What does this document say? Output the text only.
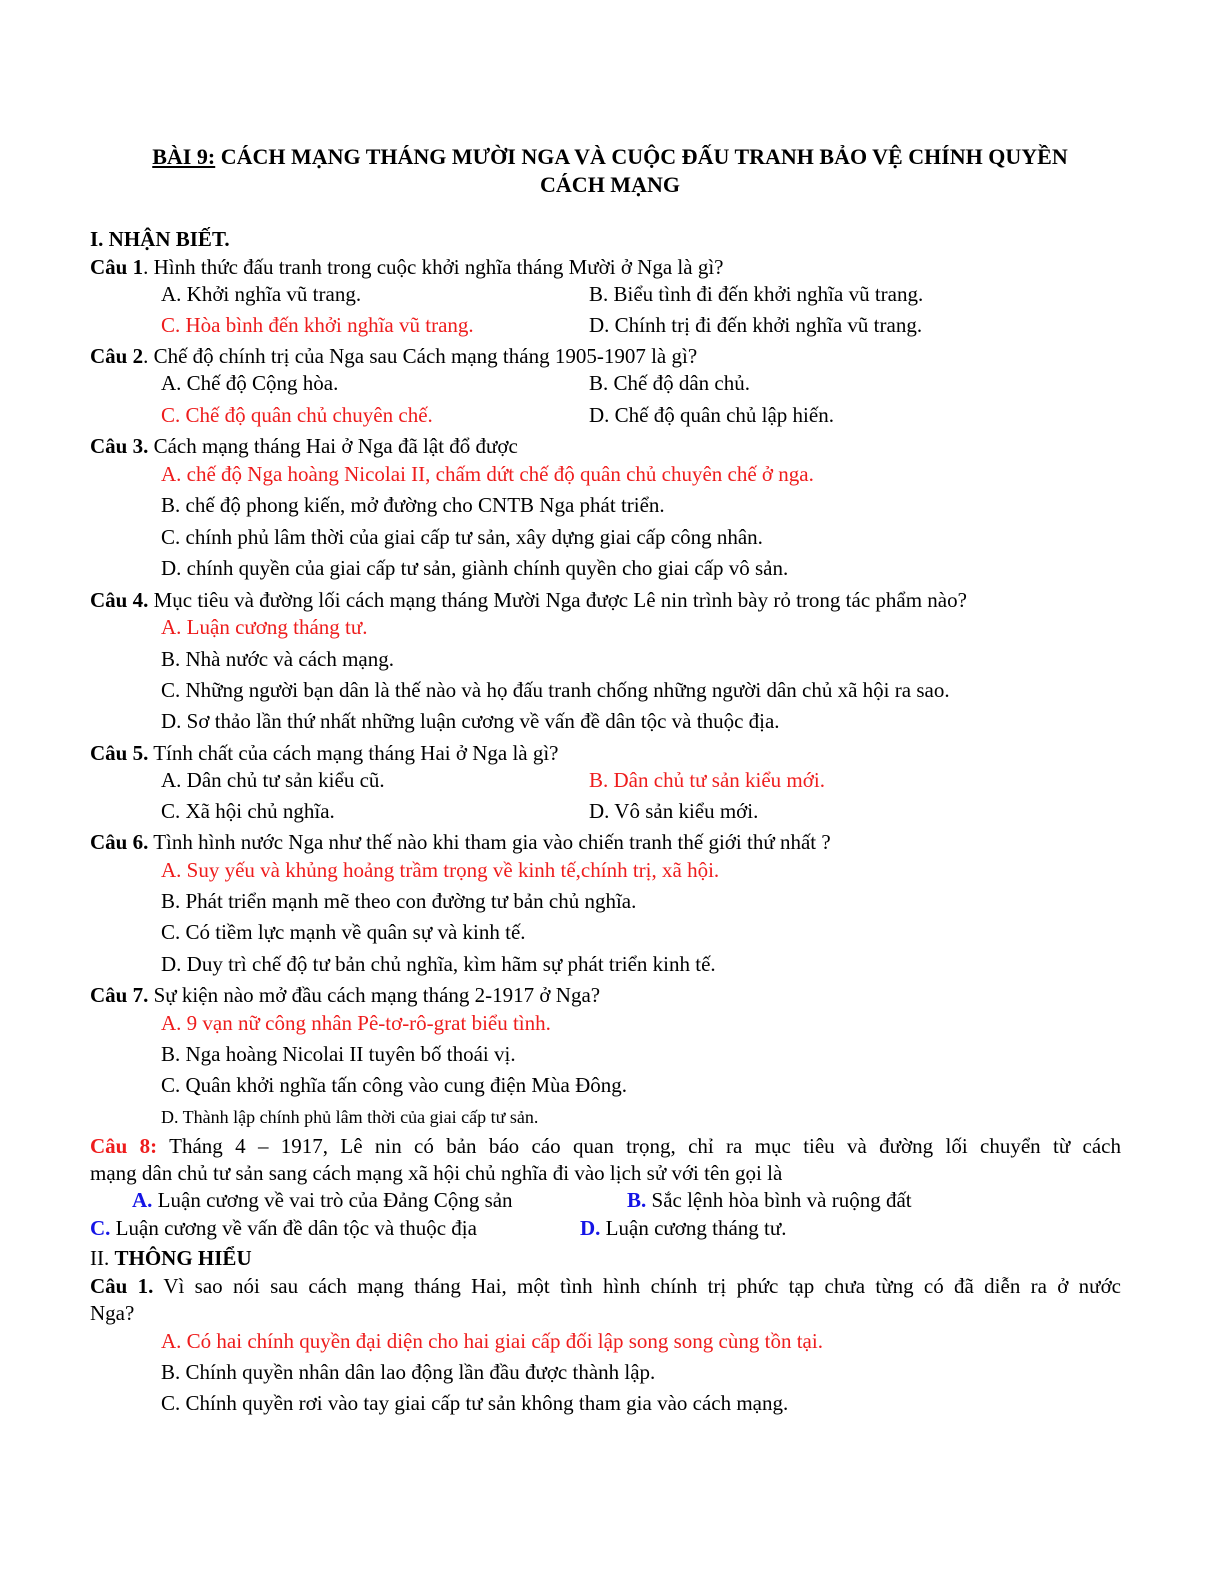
BÀI 9: CÁCH MẠNG THÁNG MƯỜI NGA VÀ CUỘC ĐẤU TRANH BẢO VỆ CHÍNH QUYỀN
CÁCH MẠNG
I. NHẬN BIẾT.
Câu 1. Hình thức đấu tranh trong cuộc khởi nghĩa tháng Mười ở Nga là gì?
A. Khởi nghĩa vũ trang.	B. Biểu tình đi đến khởi nghĩa vũ trang.
C. Hòa bình đến khởi nghĩa vũ trang.	D. Chính trị đi đến khởi nghĩa vũ trang.
Câu 2. Chế độ chính trị của Nga sau Cách mạng tháng 1905-1907 là gì?
A. Chế độ Cộng hòa.	B. Chế độ dân chủ.
C. Chế độ quân chủ chuyên chế.	D. Chế độ quân chủ lập hiến.
Câu 3. Cách mạng tháng Hai ở Nga đã lật đổ được
A. chế độ Nga hoàng Nicolai II, chấm dứt chế độ quân chủ chuyên chế ở nga.
B. chế độ phong kiến, mở đường cho CNTB Nga phát triển.
C. chính phủ lâm thời của giai cấp tư sản, xây dựng giai cấp công nhân.
D. chính quyền của giai cấp tư sản, giành chính quyền cho giai cấp vô sản.
Câu 4. Mục tiêu và đường lối cách mạng tháng Mười Nga được Lê nin trình bày rỏ trong tác phẩm nào?
A. Luận cương tháng tư.
B. Nhà nước và cách mạng.
C. Những người bạn dân là thế nào và họ đấu tranh chống những người dân chủ xã hội ra sao.
D. Sơ thảo lần thứ nhất những luận cương về vấn đề dân tộc và thuộc địa.
Câu 5. Tính chất của cách mạng tháng Hai ở Nga là gì?
A. Dân chủ tư sản kiểu cũ.	B. Dân chủ tư sản kiểu mới.
C. Xã hội chủ nghĩa.	D. Vô sản kiểu mới.
Câu 6. Tình hình nước Nga như thế nào khi tham gia vào chiến tranh thế giới thứ nhất ?
A. Suy yếu và khủng hoảng trầm trọng về kinh tế,chính trị, xã hội.
B. Phát triển mạnh mẽ theo con đường tư bản chủ nghĩa.
C. Có tiềm lực mạnh về quân sự và kinh tế.
D. Duy trì chế độ tư bản chủ nghĩa, kìm hãm sự phát triển kinh tế.
Câu 7. Sự kiện nào mở đầu cách mạng tháng 2-1917 ở Nga?
A. 9 vạn nữ công nhân Pê-tơ-rô-grat biểu tình.
B. Nga hoàng Nicolai II tuyên bố thoái vị.
C. Quân khởi nghĩa tấn công vào cung điện Mùa Đông.
D. Thành lập chính phủ lâm thời của giai cấp tư sản.
Câu 8: Tháng 4 – 1917, Lê nin có bản báo cáo quan trọng, chỉ ra mục tiêu và đường lối chuyển từ cách
mạng dân chủ tư sản sang cách mạng xã hội chủ nghĩa đi vào lịch sử với tên gọi là
A. Luận cương về vai trò của Đảng Cộng sản	B. Sắc lệnh hòa bình và ruộng đất
C. Luận cương về vấn đề dân tộc và thuộc địa	D. Luận cương tháng tư.
II. THÔNG HIỂU
Câu 1. Vì sao nói sau cách mạng tháng Hai, một tình hình chính trị phức tạp chưa từng có đã diễn ra ở nước
Nga?
A. Có hai chính quyền đại diện cho hai giai cấp đối lập song song cùng tồn tại.
B. Chính quyền nhân dân lao động lần đầu được thành lập.
C. Chính quyền rơi vào tay giai cấp tư sản không tham gia vào cách mạng.
